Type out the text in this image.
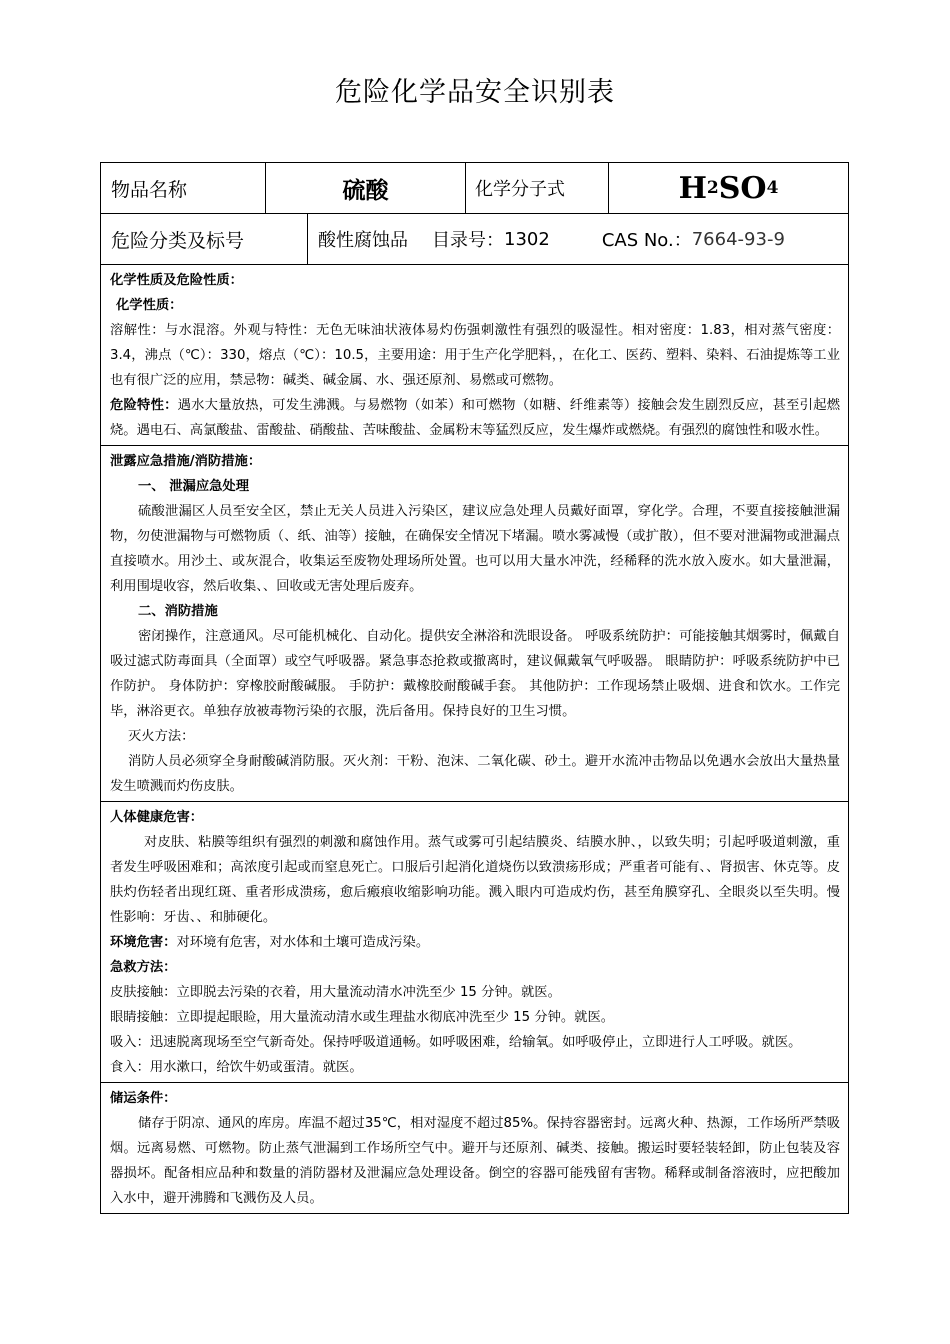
危险化学品安全识别表
物品名称	硫酸	化学分子式	H 2 SO 4
危险分类及标号	酸性腐蚀品 目录号： 1302	CAS No.： 7664-93-9

化学性质及危险性质：

化学性质：

溶解性：与水混溶。外观与特性：无色无味油状液体易灼伤强刺激性有强烈的吸湿性。相对密度：1.83，相对蒸气密度：3.4，沸点（℃）：330，熔点（℃）：10.5，主要用途：用于生产化学肥料，，在化工、医药、塑料、染料、石油提炼等工业也有很广泛的应用，禁忌物：碱类、碱金属、水、强还原剂、易燃或可燃物。

危险特性：遇水大量放热，可发生沸溅。与易燃物（如苯）和可燃物（如糖、纤维素等）接触会发生剧烈反应，甚至引起燃烧。遇电石、高氯酸盐、雷酸盐、硝酸盐、苦味酸盐、金属粉末等猛烈反应，发生爆炸或燃烧。有强烈的腐蚀性和吸水性。

泄露应急措施/消防措施：

一、 泄漏应急处理

硫酸泄漏区人员至安全区，禁止无关人员进入污染区，建议应急处理人员戴好面罩，穿化学。合理，不要直接接触泄漏物，勿使泄漏物与可燃物质（、纸、油等）接触，在确保安全情况下堵漏。喷水雾减慢（或扩散），但不要对泄漏物或泄漏点直接喷水。用沙土、或灰混合，收集运至废物处理场所处置。也可以用大量水冲洗，经稀释的洗水放入废水。如大量泄漏，利用围堤收容，然后收集、、回收或无害处理后废弃。

二、消防措施

密闭操作，注意通风。尽可能机械化、自动化。提供安全淋浴和洗眼设备。 呼吸系统防护：可能接触其烟雾时，佩戴自吸过滤式防毒面具（全面罩）或空气呼吸器。紧急事态抢救或撤离时，建议佩戴氧气呼吸器。 眼睛防护：呼吸系统防护中已作防护。 身体防护：穿橡胶耐酸碱服。 手防护：戴橡胶耐酸碱手套。 其他防护：工作现场禁止吸烟、进食和饮水。工作完毕，淋浴更衣。单独存放被毒物污染的衣服，洗后备用。保持良好的卫生习惯。

灭火方法：

消防人员必须穿全身耐酸碱消防服。灭火剂：干粉、泡沫、二氧化碳、砂土。避开水流冲击物品以免遇水会放出大量热量发生喷溅而灼伤皮肤。

人体健康危害：

对皮肤、粘膜等组织有强烈的刺激和腐蚀作用。蒸气或雾可引起结膜炎、结膜水肿、，以致失明；引起呼吸道刺激，重者发生呼吸困难和；高浓度引起或而窒息死亡。口服后引起消化道烧伤以致溃疡形成；严重者可能有、、肾损害、休克等。皮肤灼伤轻者出现红斑、重者形成溃疡，愈后瘢痕收缩影响功能。溅入眼内可造成灼伤，甚至角膜穿孔、全眼炎以至失明。慢性影响：牙齿、、和肺硬化。

环境危害：对环境有危害，对水体和土壤可造成污染。

急救方法：

皮肤接触：立即脱去污染的衣着，用大量流动清水冲洗至少 15 分钟。就医。

眼睛接触：立即提起眼睑，用大量流动清水或生理盐水彻底冲洗至少 15 分钟。就医。

吸入：迅速脱离现场至空气新奇处。保持呼吸道通畅。如呼吸困难，给输氧。如呼吸停止，立即进行人工呼吸。就医。

食入：用水漱口，给饮牛奶或蛋清。就医。

储运条件：

储存于阴凉、通风的库房。库温不超过35℃，相对湿度不超过85%。保持容器密封。远离火种、热源，工作场所严禁吸烟。远离易燃、可燃物。防止蒸气泄漏到工作场所空气中。避开与还原剂、碱类、接触。搬运时要轻装轻卸，防止包装及容器损坏。配备相应品种和数量的消防器材及泄漏应急处理设备。倒空的容器可能残留有害物。稀释或制备溶液时，应把酸加入水中，避开沸腾和飞溅伤及人员。
